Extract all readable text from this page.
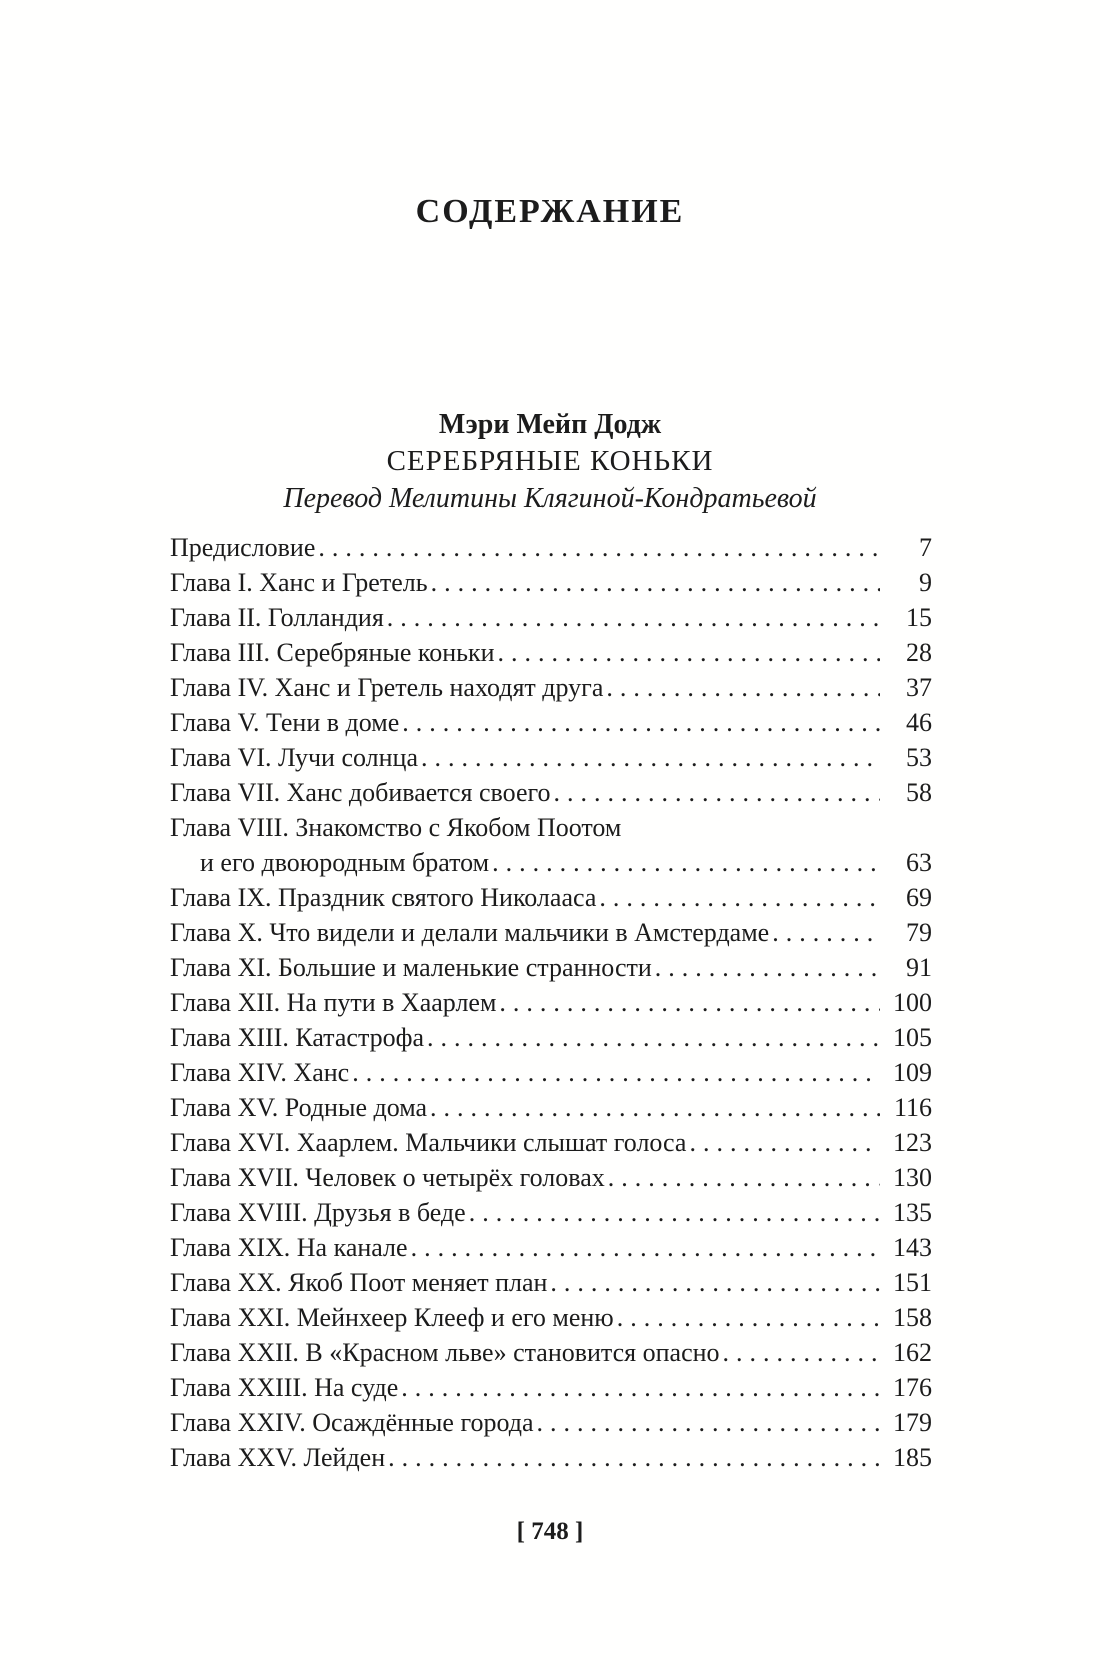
СОДЕРЖАНИЕ
Мэри Мейп Додж
СЕРЕБРЯНЫЕ КОНЬКИ
Перевод Мелитины Клягиной-Кондратьевой
Предисловие .....	7
Глава I. Ханс и Гретель .....	9
Глава II. Голландия .....	15
Глава III. Серебряные коньки .....	28
Глава IV. Ханс и Гретель находят друга .....	37
Глава V. Тени в доме .....	46
Глава VI. Лучи солнца .....	53
Глава VII. Ханс добивается своего .....	58
Глава VIII. Знакомство с Якобом Поотом
и его двоюродным братом .....	63
Глава IX. Праздник святого Николааса .....	69
Глава X. Что видели и делали мальчики в Амстердаме .....	79
Глава XI. Большие и маленькие странности .....	91
Глава XII. На пути в Хаарлем .....	100
Глава XIII. Катастрофа .....	105
Глава XIV. Ханс .....	109
Глава XV. Родные дома .....	116
Глава XVI. Хаарлем. Мальчики слышат голоса .....	123
Глава XVII. Человек о четырёх головах .....	130
Глава XVIII. Друзья в беде .....	135
Глава XIX. На канале .....	143
Глава XX. Якоб Поот меняет план .....	151
Глава XXI. Мейнхеер Клееф и его меню .....	158
Глава XXII. В «Красном льве» становится опасно .....	162
Глава XXIII. На суде .....	176
Глава XXIV. Осаждённые города .....	179
Глава XXV. Лейден .....	185
[ 748 ]
